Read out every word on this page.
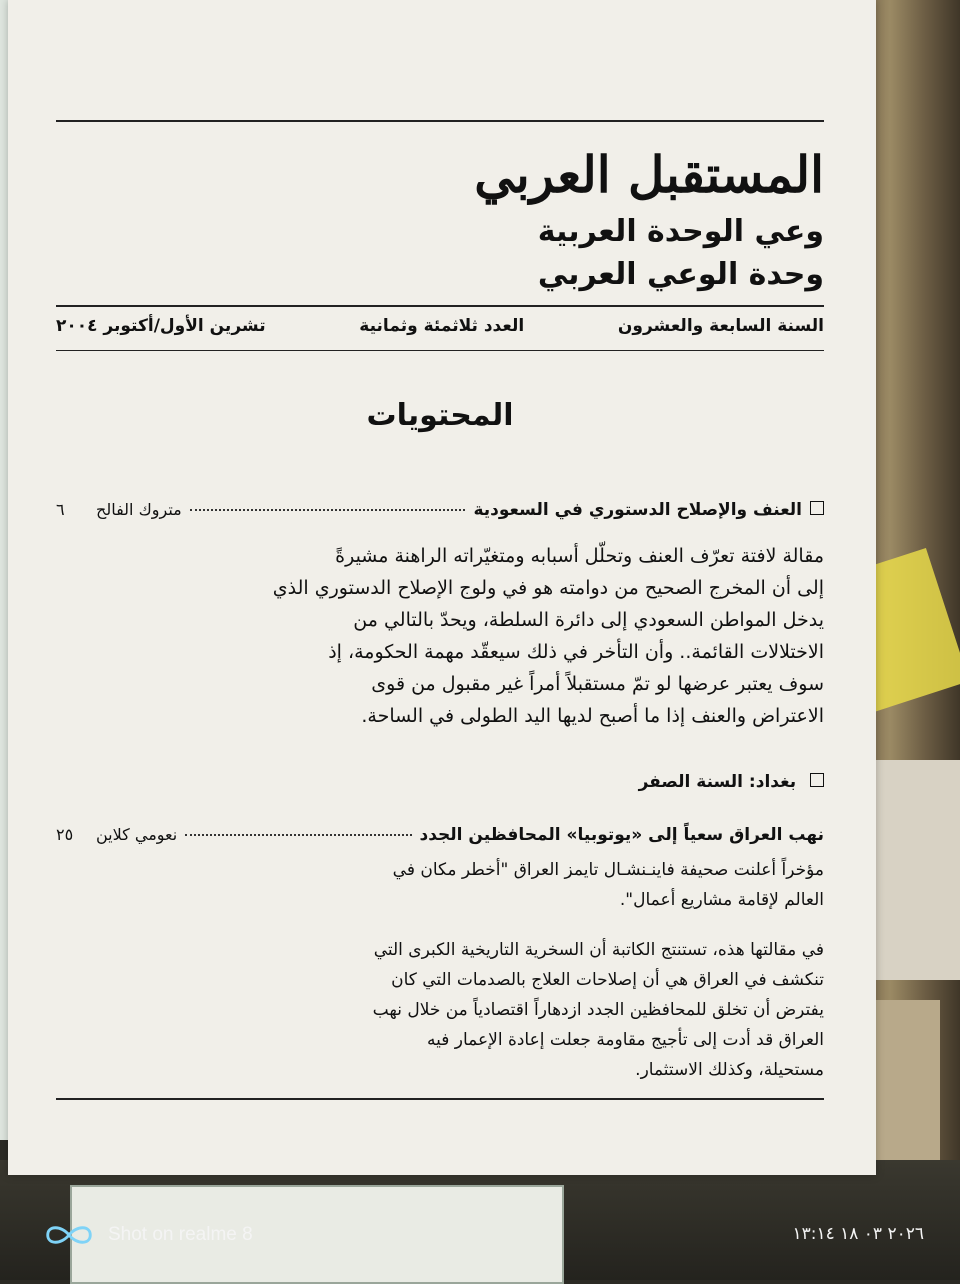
المستقبل العربي
وعي الوحدة العربية
وحدة الوعي العربي
السنة السابعة والعشرون
العدد ثلاثمئة وثمانية
تشرين الأول/أكتوبر ٢٠٠٤
المحتويات
العنف والإصلاح الدستوري في السعودية
متروك الفالح
٦

مقالة لافتة تعرّف العنف وتحلّل أسبابه ومتغيّراته الراهنة مشيرةً

إلى أن المخرج الصحيح من دوامته هو في ولوج الإصلاح الدستوري الذي

يدخل المواطن السعودي إلى دائرة السلطة، ويحدّ بالتالي من

الاختلالات القائمة.. وأن التأخر في ذلك سيعقّد مهمة الحكومة، إذ

سوف يعتبر عرضها لو تمّ مستقبلاً أمراً غير مقبول من قوى

الاعتراض والعنف إذا ما أصبح لديها اليد الطولى في الساحة.

بغداد: السنة الصفر
نهب العراق سعياً إلى «يوتوبيا» المحافظين الجدد
نعومي كلاين
٢٥

مؤخراً أعلنت صحيفة فاينـنشـال تايمز العراق "أخطر مكان في

العالم لإقامة مشاريع أعمال".

في مقالتها هذه، تستنتج الكاتبة أن السخرية التاريخية الكبرى التي

تنكشف في العراق هي أن إصلاحات العلاج بالصدمات التي كان

يفترض أن تخلق للمحافظين الجدد ازدهاراً اقتصادياً من خلال نهب

العراق قد أدت إلى تأجيج مقاومة جعلت إعادة الإعمار فيه

مستحيلة، وكذلك الاستثمار.

Shot on realme 8	٢٠٢٦ ٠٣ ١٨ ١٣:١٤
